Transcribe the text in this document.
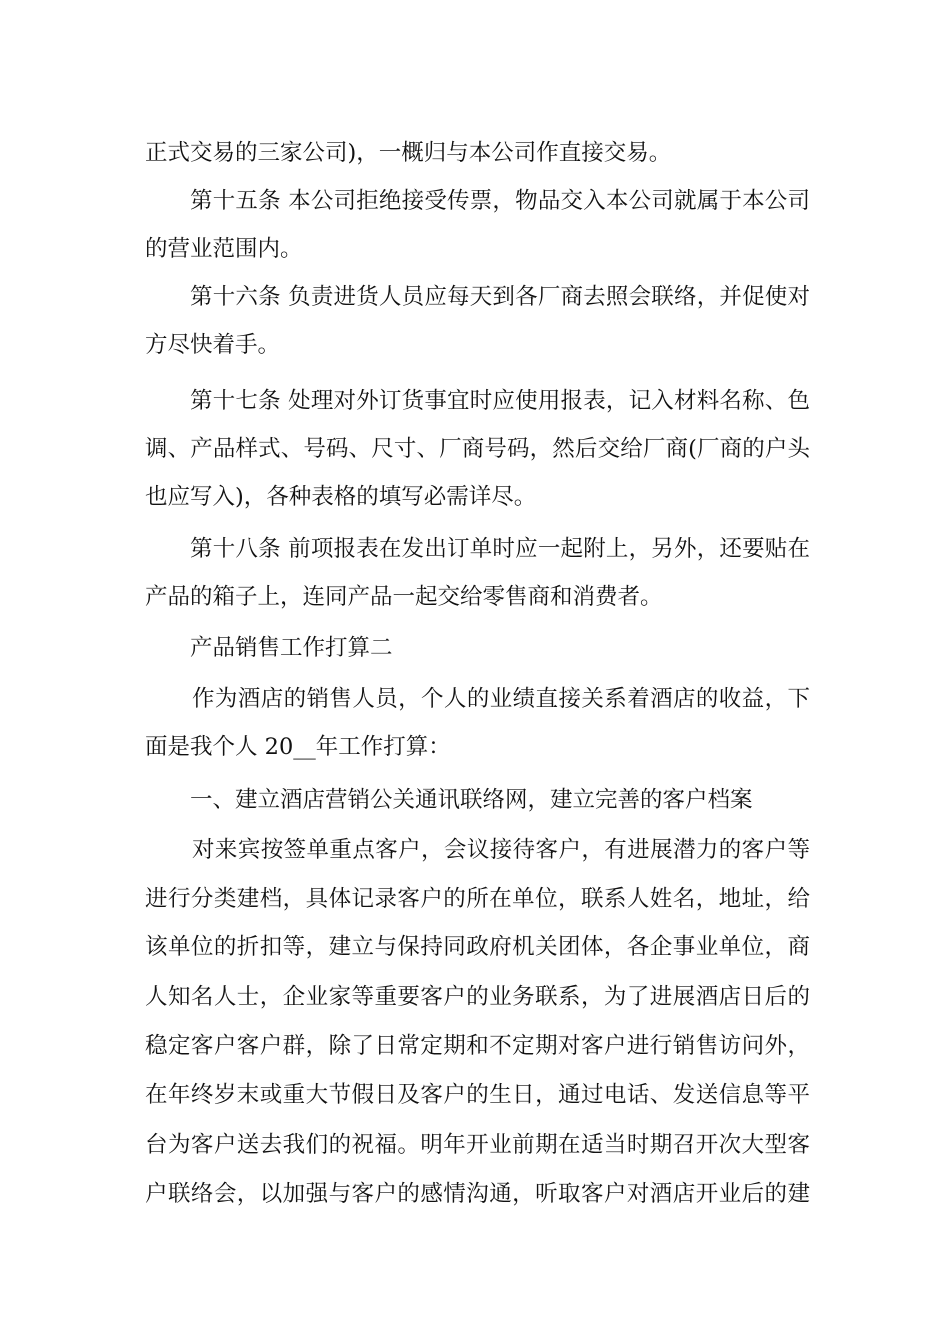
正式交易的三家公司)，一概归与本公司作直接交易。
第十五条 本公司拒绝接受传票，物品交入本公司就属于本公司
的营业范围内。
第十六条 负责进货人员应每天到各厂商去照会联络，并促使对
方尽快着手。
第十七条 处理对外订货事宜时应使用报表，记入材料名称、色
调、产品样式、号码、尺寸、厂商号码，然后交给厂商(厂商的户头
也应写入)，各种表格的填写必需详尽。
第十八条 前项报表在发出订单时应一起附上，另外，还要贴在
产品的箱子上，连同产品一起交给零售商和消费者。
产品销售工作打算二
作为酒店的销售人员，个人的业绩直接关系着酒店的收益，下
面是我个人 20__年工作打算：
一、建立酒店营销公关通讯联络网，建立完善的客户档案
对来宾按签单重点客户，会议接待客户，有进展潜力的客户等
进行分类建档，具体记录客户的所在单位，联系人姓名，地址，给
该单位的折扣等，建立与保持同政府机关团体，各企事业单位，商
人知名人士，企业家等重要客户的业务联系，为了进展酒店日后的
稳定客户客户群，除了日常定期和不定期对客户进行销售访问外，
在年终岁末或重大节假日及客户的生日，通过电话、发送信息等平
台为客户送去我们的祝福。明年开业前期在适当时期召开次大型客
户联络会，以加强与客户的感情沟通，听取客户对酒店开业后的建
